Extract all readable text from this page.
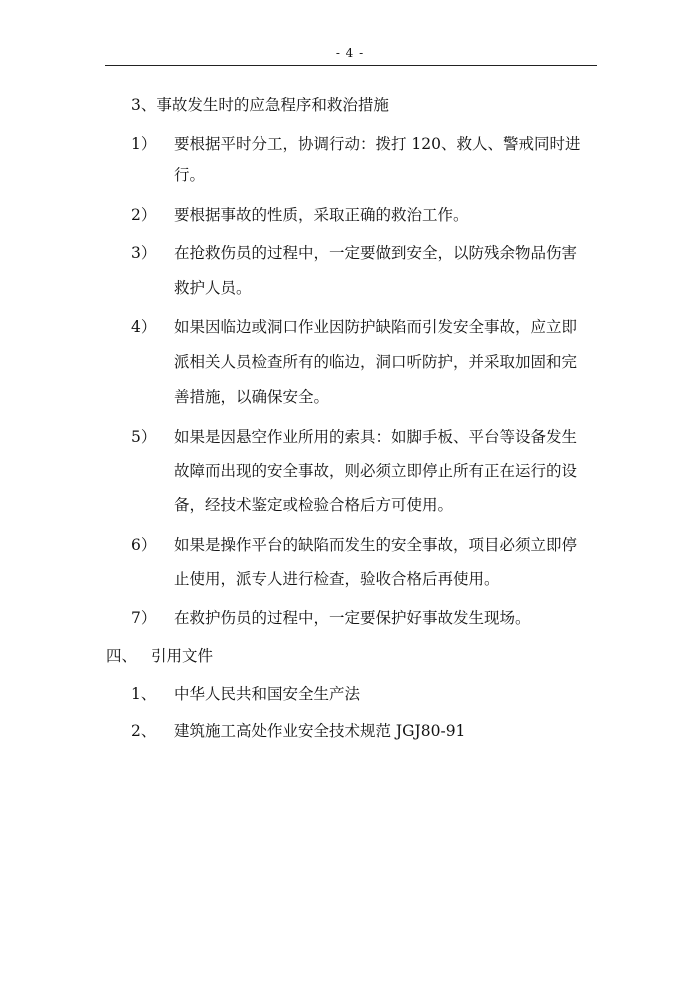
- 4 -
3、事故发生时的应急程序和救治措施
1） 要根据平时分工，协调行动：拨打 120、救人、警戒同时进
行。
2） 要根据事故的性质，采取正确的救治工作。
3） 在抢救伤员的过程中，一定要做到安全，以防残余物品伤害
救护人员。
4） 如果因临边或洞口作业因防护缺陷而引发安全事故，应立即
派相关人员检查所有的临边，洞口听防护，并采取加固和完
善措施，以确保安全。
5） 如果是因悬空作业所用的索具：如脚手板、平台等设备发生
故障而出现的安全事故，则必须立即停止所有正在运行的设
备，经技术鉴定或检验合格后方可使用。
6） 如果是操作平台的缺陷而发生的安全事故，项目必须立即停
止使用，派专人进行检查，验收合格后再使用。
7） 在救护伤员的过程中，一定要保护好事故发生现场。
四、 引用文件
1、 中华人民共和国安全生产法
2、 建筑施工高处作业安全技术规范 JGJ80-91
